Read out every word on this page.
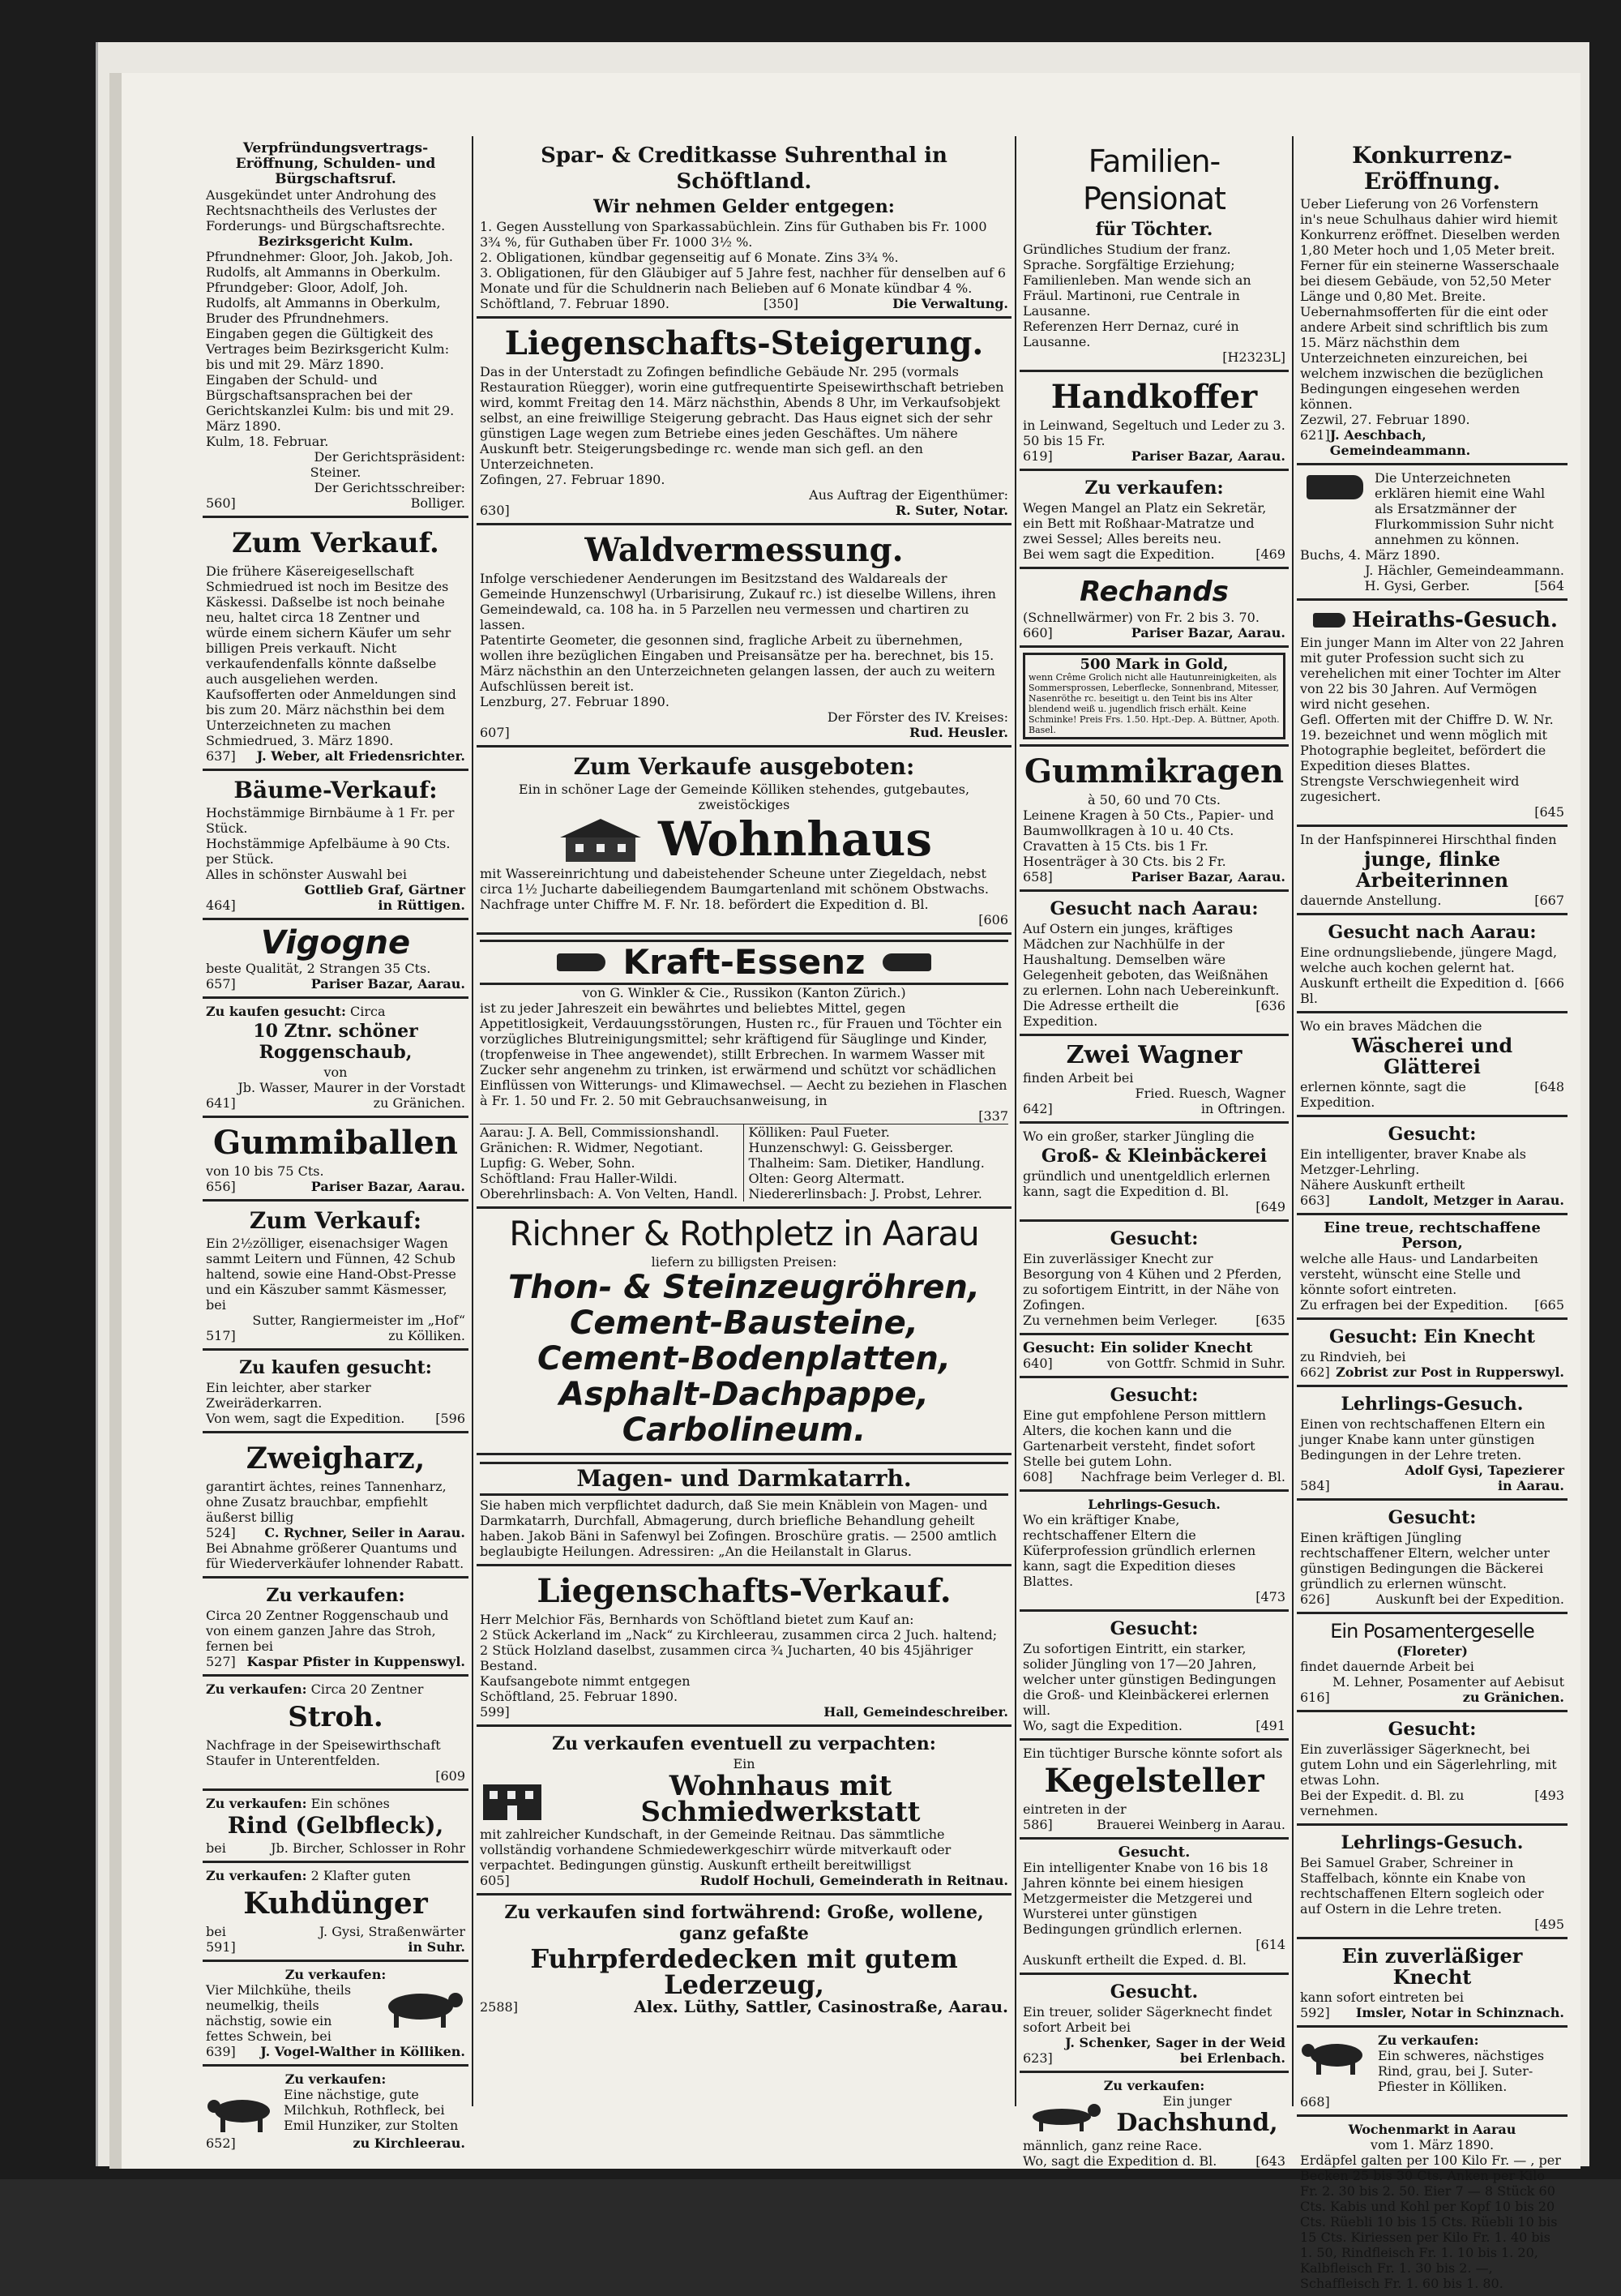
Verpfründungsvertrags-Eröffnung, Schulden- und Bürgschaftsruf.

Ausgekündet unter Androhung des Rechtsnachtheils des Verlustes der Forderungs- und Bürgschaftsrechte.

Bezirksgericht Kulm.

Pfrundnehmer: Gloor, Joh. Jakob, Joh. Rudolfs, alt Ammanns in Oberkulm.

Pfrundgeber: Gloor, Adolf, Joh. Rudolfs, alt Ammanns in Oberkulm, Bruder des Pfrundnehmers.

Eingaben gegen die Gültigkeit des Vertrages beim Bezirksgericht Kulm: bis und mit 29. März 1890.

Eingaben der Schuld- und Bürgschaftsansprachen bei der Gerichtskanzlei Kulm: bis und mit 29. März 1890.

Kulm, 18. Februar.

Der Gerichtspräsident:

Steiner.

Der Gerichtsschreiber:

560]	Bolliger.

Zum Verkauf.

Die frühere Käsereigesellschaft Schmiedrued ist noch im Besitze des Käskessi. Daßselbe ist noch beinahe neu, haltet circa 18 Zentner und würde einem sichern Käufer um sehr billigen Preis verkauft. Nicht verkaufendenfalls könnte daßselbe auch ausgeliehen werden. Kaufsofferten oder Anmeldungen sind bis zum 20. März nächsthin bei dem Unterzeichneten zu machen

Schmiedrued, 3. März 1890.

637] J. Weber, alt Friedensrichter.

Bäume-Verkauf:

Hochstämmige Birnbäume à 1 Fr. per Stück.

Hochstämmige Apfelbäume à 90 Cts. per Stück.

Alles in schönster Auswahl bei

Gottlieb Graf, Gärtner

464]	in Rüttigen.

Vigogne

beste Qualität, 2 Strangen 35 Cts.

657]	Pariser Bazar, Aarau.

Zu kaufen gesucht: Circa

10 Ztnr. schöner Roggenschaub,

von

Jb. Wasser, Maurer in der Vorstadt

641]	zu Gränichen.

Gummiballen

von 10 bis 75 Cts.

656]	Pariser Bazar, Aarau.

Zum Verkauf:

Ein 2½zölliger, eisenachsiger Wagen sammt Leitern und Fünnen, 42 Schub haltend, sowie eine Hand-Obst-Presse und ein Käszuber sammt Käsmesser, bei

Sutter, Rangiermeister im „Hof“

517]	zu Kölliken.

Zu kaufen gesucht:

Ein leichter, aber starker Zweiräderkarren.

Von wem, sagt die Expedition. [596

Zweigharz,

garantirt ächtes, reines Tannenharz, ohne Zusatz brauchbar, empfiehlt äußerst billig

524] C. Rychner, Seiler in Aarau.

Bei Abnahme größerer Quantums und für Wiederverkäufer lohnender Rabatt.

Zu verkaufen:

Circa 20 Zentner Roggenschaub und von einem ganzen Jahre das Stroh, fernen bei

527] Kaspar Pfister in Kuppenswyl.

Zu verkaufen: Circa 20 Zentner

Stroh.

Nachfrage in der Speisewirthschaft Staufer in Unterentfelden.

[609

Zu verkaufen: Ein schönes

Rind (Gelbfleck),

bei	Jb. Bircher, Schlosser in Rohr

Zu verkaufen: 2 Klafter guten

Kuhdünger

bei	J. Gysi, Straßenwärter
591]	in Suhr.

Zu verkaufen:

Vier Milchkühe, theils neumelkig, theils nächstig, sowie ein fettes Schwein, bei

639] J. Vogel-Walther in Kölliken.

Zu verkaufen:

Eine nächstige, gute Milchkuh, Rothfleck, bei Emil Hunziker, zur Stolten

652]	zu Kirchleerau.

Spar- & Creditkasse Suhrenthal in Schöftland.

Wir nehmen Gelder entgegen:

1. Gegen Ausstellung von Sparkassabüchlein. Zins für Guthaben bis Fr. 1000 3¾ %, für Guthaben über Fr. 1000 3½ %.

2. Obligationen, kündbar gegenseitig auf 6 Monate. Zins 3¾ %.

3. Obligationen, für den Gläubiger auf 5 Jahre fest, nachher für denselben auf 6 Monate und für die Schuldnerin nach Belieben auf 6 Monate kündbar 4 %.

Schöftland, 7. Februar 1890.	[350]	Die Verwaltung.

Liegenschafts-Steigerung.

Das in der Unterstadt zu Zofingen befindliche Gebäude Nr. 295 (vormals Restauration Rüegger), worin eine gutfrequentirte Speisewirthschaft betrieben wird, kommt Freitag den 14. März nächsthin, Abends 8 Uhr, im Verkaufsobjekt selbst, an eine freiwillige Steigerung gebracht. Das Haus eignet sich der sehr günstigen Lage wegen zum Betriebe eines jeden Geschäftes. Um nähere Auskunft betr. Steigerungsbedinge rc. wende man sich gefl. an den Unterzeichneten.

Zofingen, 27. Februar 1890.

Aus Auftrag der Eigenthümer:

630]	R. Suter, Notar.

Waldvermessung.

Infolge verschiedener Aenderungen im Besitzstand des Waldareals der Gemeinde Hunzenschwyl (Urbarisirung, Zukauf rc.) ist dieselbe Willens, ihren Gemeindewald, ca. 108 ha. in 5 Parzellen neu vermessen und chartiren zu lassen.

Patentirte Geometer, die gesonnen sind, fragliche Arbeit zu übernehmen, wollen ihre bezüglichen Eingaben und Preisansätze per ha. berechnet, bis 15. März nächsthin an den Unterzeichneten gelangen lassen, der auch zu weitern Aufschlüssen bereit ist.

Lenzburg, 27. Februar 1890.

Der Förster des IV. Kreises:

607]	Rud. Heusler.

Zum Verkaufe ausgeboten:

Ein in schöner Lage der Gemeinde Kölliken stehendes, gutgebautes, zweistöckiges

Wohnhaus

mit Wassereinrichtung und dabeistehender Scheune unter Ziegeldach, nebst circa 1½ Jucharte dabeiliegendem Baumgartenland mit schönem Obstwachs. Nachfrage unter Chiffre M. F. Nr. 18. befördert die Expedition d. Bl.

[606

Kraft-Essenz

von G. Winkler & Cie., Russikon (Kanton Zürich.)

ist zu jeder Jahreszeit ein bewährtes und beliebtes Mittel, gegen Appetitlosigkeit, Verdauungsstörungen, Husten rc., für Frauen und Töchter ein vorzügliches Blutreinigungsmittel; sehr kräftigend für Säuglinge und Kinder, (tropfenweise in Thee angewendet), stillt Erbrechen. In warmem Wasser mit Zucker sehr angenehm zu trinken, ist erwärmend und schützt vor schädlichen Einflüssen von Witterungs- und Klimawechsel. — Aecht zu beziehen in Flaschen à Fr. 1. 50 und Fr. 2. 50 mit Gebrauchsanweisung, in

[337

Aarau: J. A. Bell, Commissionshandl.

Gränichen: R. Widmer, Negotiant.

Lupfig: G. Weber, Sohn.

Schöftland: Frau Haller-Wildi.

Oberehrlinsbach: A. Von Velten, Handl.

Kölliken: Paul Fueter.

Hunzenschwyl: G. Geissberger.

Thalheim: Sam. Dietiker, Handlung.

Olten: Georg Altermatt.

Niedererlinsbach: J. Probst, Lehrer.

Richner & Rothpletz in Aarau

liefern zu billigsten Preisen:

Thon- & Steinzeugröhren,

Cement-Bausteine,

Cement-Bodenplatten,

Asphalt-Dachpappe,

Carbolineum.

Magen- und Darmkatarrh.

Sie haben mich verpflichtet dadurch, daß Sie mein Knäblein von Magen- und Darmkatarrh, Durchfall, Abmagerung, durch briefliche Behandlung geheilt haben. Jakob Bäni in Safenwyl bei Zofingen. Broschüre gratis. — 2500 amtlich beglaubigte Heilungen. Adressiren: „An die Heilanstalt in Glarus.

Liegenschafts-Verkauf.

Herr Melchior Fäs, Bernhards von Schöftland bietet zum Kauf an:

2 Stück Ackerland im „Nack“ zu Kirchleerau, zusammen circa 2 Juch. haltend;

2 Stück Holzland daselbst, zusammen circa ¾ Jucharten, 40 bis 45jähriger Bestand.

Kaufsangebote nimmt entgegen

Schöftland, 25. Februar 1890.

599]	Hall, Gemeindeschreiber.

Zu verkaufen eventuell zu verpachten:

Ein

Wohnhaus mit Schmiedwerkstatt

mit zahlreicher Kundschaft, in der Gemeinde Reitnau. Das sämmtliche vollständig vorhandene Schmiedewerkgeschirr würde mitverkauft oder verpachtet. Bedingungen günstig. Auskunft ertheilt bereitwilligst

605]	Rudolf Hochuli, Gemeinderath in Reitnau.

Zu verkaufen sind fortwährend: Große, wollene, ganz gefaßte

Fuhrpferdedecken mit gutem Lederzeug,

2588]	Alex. Lüthy, Sattler, Casinostraße, Aarau.

Familien-Pensionat

für Töchter.

Gründliches Studium der franz. Sprache. Sorgfältige Erziehung; Familienleben. Man wende sich an Fräul. Martinoni, rue Centrale in Lausanne.

Referenzen Herr Dernaz, curé in Lausanne.

[H2323L]

Handkoffer

in Leinwand, Segeltuch und Leder zu 3. 50 bis 15 Fr.

619]	Pariser Bazar, Aarau.

Zu verkaufen:

Wegen Mangel an Platz ein Sekretär, ein Bett mit Roßhaar-Matratze und zwei Sessel; Alles bereits neu.

Bei wem sagt die Expedition.	[469

Rechands

(Schnellwärmer) von Fr. 2 bis 3. 70.

660]	Pariser Bazar, Aarau.

500 Mark in Gold,

wenn Crême Grolich nicht alle Hautunreinigkeiten, als Sommersprossen, Leberflecke, Sonnenbrand, Mitesser, Nasenröthe rc. beseitigt u. den Teint bis ins Alter blendend weiß u. jugendlich frisch erhält. Keine Schminke! Preis Frs. 1.50. Hpt.-Dep. A. Büttner, Apoth. Basel.

Gummikragen

à 50, 60 und 70 Cts.

Leinene Kragen à 50 Cts., Papier- und Baumwollkragen à 10 u. 40 Cts. Cravatten à 15 Cts. bis 1 Fr. Hosenträger à 30 Cts. bis 2 Fr.

658]	Pariser Bazar, Aarau.

Gesucht nach Aarau:

Auf Ostern ein junges, kräftiges Mädchen zur Nachhülfe in der Haushaltung. Demselben wäre Gelegenheit geboten, das Weißnähen zu erlernen. Lohn nach Uebereinkunft.

Die Adresse ertheilt die Expedition.
[636

Zwei Wagner

finden Arbeit bei

Fried. Ruesch, Wagner

642]	in Oftringen.

Wo ein großer, starker Jüngling die

Groß- & Kleinbäckerei

gründlich und unentgeldlich erlernen kann, sagt die Expedition d. Bl.

[649

Gesucht:

Ein zuverlässiger Knecht zur Besorgung von 4 Kühen und 2 Pferden, zu sofortigem Eintritt, in der Nähe von Zofingen.

Zu vernehmen beim Verleger.	[635

Gesucht: Ein solider Knecht

640]	von Gottfr. Schmid in Suhr.

Gesucht:

Eine gut empfohlene Person mittlern Alters, die kochen kann und die Gartenarbeit versteht, findet sofort Stelle bei gutem Lohn.

608] Nachfrage beim Verleger d. Bl.

Lehrlings-Gesuch.

Wo ein kräftiger Knabe, rechtschaffener Eltern die Küferprofession gründlich erlernen kann, sagt die Expedition dieses Blattes.

[473

Gesucht:

Zu sofortigen Eintritt, ein starker, solider Jüngling von 17—20 Jahren, welcher unter günstigen Bedingungen die Groß- und Kleinbäckerei erlernen will.

Wo, sagt die Expedition.	[491

Ein tüchtiger Bursche könnte sofort als

Kegelsteller

eintreten in der

586]	Brauerei Weinberg in Aarau.

Gesucht.

Ein intelligenter Knabe von 16 bis 18 Jahren könnte bei einem hiesigen Metzgermeister die Metzgerei und Wursterei unter günstigen Bedingungen gründlich erlernen.

[614

Auskunft ertheilt die Exped. d. Bl.

Gesucht.

Ein treuer, solider Sägerknecht findet sofort Arbeit bei

J. Schenker, Sager in der Weid

623]	bei Erlenbach.

Zu verkaufen:

Ein junger

Dachshund,

männlich, ganz reine Race.

Wo, sagt die Expedition d. Bl.	[643

Konkurrenz-Eröffnung.

Ueber Lieferung von 26 Vorfenstern in's neue Schulhaus dahier wird hiemit Konkurrenz eröffnet. Dieselben werden 1,80 Meter hoch und 1,05 Meter breit. Ferner für ein steinerne Wasserschaale bei diesem Gebäude, von 52,50 Meter Länge und 0,80 Met. Breite. Uebernahmsofferten für die eint oder andere Arbeit sind schriftlich bis zum 15. März nächsthin dem Unterzeichneten einzureichen, bei welchem inzwischen die bezüglichen Bedingungen eingesehen werden können.

Zezwil, 27. Februar 1890.

621] J. Aeschbach, Gemeindeammann.

Die Unterzeichneten erklären hiemit eine Wahl als Ersatzmänner der Flurkommission Suhr nicht annehmen zu können.

Buchs, 4. März 1890.

J. Hächler, Gemeindeammann.

H. Gysi, Gerber.	[564

Heiraths-Gesuch.

Ein junger Mann im Alter von 22 Jahren mit guter Profession sucht sich zu verehelichen mit einer Tochter im Alter von 22 bis 30 Jahren. Auf Vermögen wird nicht gesehen.

Gefl. Offerten mit der Chiffre D. W. Nr. 19. bezeichnet und wenn möglich mit Photographie begleitet, befördert die Expedition dieses Blattes.

Strengste Verschwiegenheit wird zugesichert.

[645

In der Hanfspinnerei Hirschthal finden

junge, flinke Arbeiterinnen

dauernde Anstellung.	[667

Gesucht nach Aarau:

Eine ordnungsliebende, jüngere Magd, welche auch kochen gelernt hat.

Auskunft ertheilt die Expedition d. Bl.
[666

Wo ein braves Mädchen die

Wäscherei und Glätterei

erlernen könnte, sagt die Expedition.
[648

Gesucht:

Ein intelligenter, braver Knabe als Metzger-Lehrling.

Nähere Auskunft ertheilt

663]	Landolt, Metzger in Aarau.

Eine treue, rechtschaffene Person,

welche alle Haus- und Landarbeiten versteht, wünscht eine Stelle und könnte sofort eintreten.

Zu erfragen bei der Expedition. [665

Gesucht: Ein Knecht

zu Rindvieh, bei

662] Zobrist zur Post in Rupperswyl.

Lehrlings-Gesuch.

Einen von rechtschaffenen Eltern ein junger Knabe kann unter günstigen Bedingungen in der Lehre treten.

Adolf Gysi, Tapezierer

584]	in Aarau.

Gesucht:

Einen kräftigen Jüngling rechtschaffener Eltern, welcher unter günstigen Bedingungen die Bäckerei gründlich zu erlernen wünscht.

626]	Auskunft bei der Expedition.

Ein Posamentergeselle

(Floreter)

findet dauernde Arbeit bei

M. Lehner, Posamenter auf Aebisut

616]	zu Gränichen.

Gesucht:

Ein zuverlässiger Sägerknecht, bei gutem Lohn und ein Sägerlehrling, mit etwas Lohn.

Bei der Expedit. d. Bl. zu vernehmen.
[493

Lehrlings-Gesuch.

Bei Samuel Graber, Schreiner in Staffelbach, könnte ein Knabe von rechtschaffenen Eltern sogleich oder auf Ostern in die Lehre treten.

[495

Ein zuverläßiger Knecht

kann sofort eintreten bei

592] Imsler, Notar in Schinznach.

Zu verkaufen:

Ein schweres, nächstiges Rind, grau, bei J. Suter-Pfiester in Kölliken.

668]

Wochenmarkt in Aarau

vom 1. März 1890.

Erdäpfel galten per 100 Kilo Fr. — , per Becken 25 bis 30 Cts. Anken per Kilo Fr. 2. 30 bis 2. 50. Eier 7 — 8 Stück 60 Cts. Kabis und Kohl per Kopf 10 bis 20 Cts. Rüebli 10 bis 15 Cts. Rüebli 10 bis 15 Cts. Kiriessen per Kilo Fr. 1. 40 bis 1. 50, Rindfleisch Fr. 1. 10 bis 1. 20, Kalbfleisch Fr. 1. 30 bis 2. —, Schaffleisch Fr. 1. 60 bis 1. 80.
